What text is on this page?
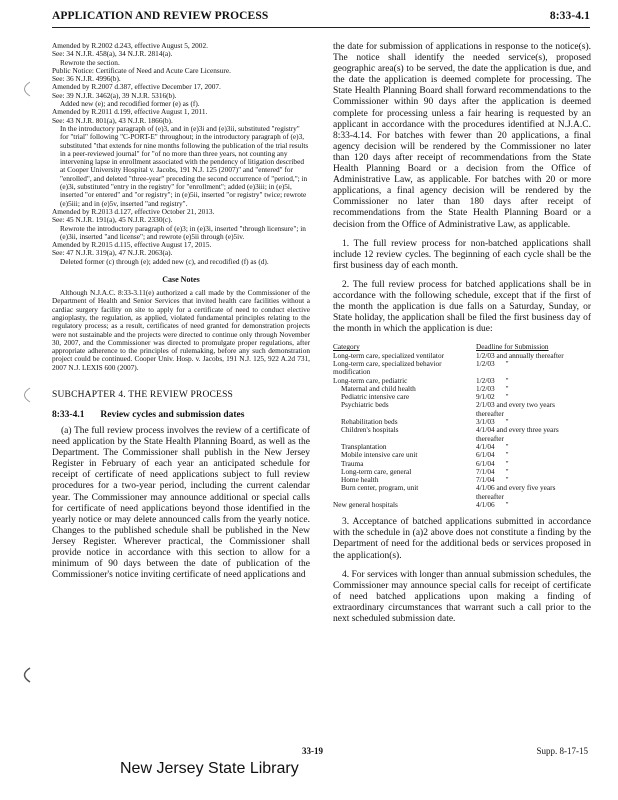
APPLICATION AND REVIEW PROCESS	8:33-4.1

Amended by R.2002 d.243, effective August 5, 2002.

See: 34 N.J.R. 458(a), 34 N.J.R. 2814(a).

Rewrote the section.

Public Notice: Certificate of Need and Acute Care Licensure.

See: 36 N.J.R. 4996(b).

Amended by R.2007 d.387, effective December 17, 2007.

See: 39 N.J.R. 3462(a), 39 N.J.R. 5316(b).

Added new (e); and recodified former (e) as (f).

Amended by R.2011 d.199, effective August 1, 2011.

See: 43 N.J.R. 801(a), 43 N.J.R. 1866(b).

In the introductory paragraph of (e)3, and in (e)3i and (e)3ii, substituted "registry" for "trial" following "C-PORT-E" throughout; in the introductory paragraph of (e)3, substituted "that extends for nine months following the publication of the trial results in a peer-reviewed journal" for "of no more than three years, not counting any intervening lapse in enrollment associated with the pendency of litigation described at Cooper University Hospital v. Jacobs, 191 N.J. 125 (2007)" and "entered" for "enrolled", and deleted "three-year" preceding the second occurrence of "period,"; in (e)3i, substituted "entry in the registry" for "enrollment"; added (e)3iii; in (e)5i, inserted "or entered" and "or registry"; in (e)5ii, inserted "or registry" twice; rewrote (e)5iii; and in (e)5v, inserted "and registry".

Amended by R.2013 d.127, effective October 21, 2013.

See: 45 N.J.R. 191(a), 45 N.J.R. 2330(c).

Rewrote the introductory paragraph of (e)3; in (e)3i, inserted "through licensure"; in (e)3ii, inserted "and license"; and rewrote (e)5ii through (e)5iv.

Amended by R.2015 d.115, effective August 17, 2015.

See: 47 N.J.R. 319(a), 47 N.J.R. 2063(a).

Deleted former (c) through (e); added new (c), and recodified (f) as (d).

Case Notes

Although N.J.A.C. 8:33-3.11(e) authorized a call made by the Commissioner of the Department of Health and Senior Services that invited health care facilities without a cardiac surgery facility on site to apply for a certificate of need to conduct elective angioplasty, the regulation, as applied, violated fundamental principles relating to the regulatory process; as a result, certificates of need granted for demonstration projects were not sustainable and the projects were directed to continue only through November 30, 2007, and the Commissioner was directed to promulgate proper regulations, after appropriate adherence to the principles of rulemaking, before any such demonstration project could be continued. Cooper Univ. Hosp. v. Jacobs, 191 N.J. 125, 922 A.2d 731, 2007 N.J. LEXIS 600 (2007).

SUBCHAPTER 4. THE REVIEW PROCESS
8:33-4.1 Review cycles and submission dates

(a) The full review process involves the review of a certificate of need application by the State Health Planning Board, as well as the Department. The Commissioner shall publish in the New Jersey Register in February of each year an anticipated schedule for receipt of certificate of need applications subject to full review procedures for a two-year period, including the current calendar year. The Commissioner may announce additional or special calls for certificate of need applications beyond those identified in the yearly notice or may delete announced calls from the yearly notice. Changes to the published schedule shall be published in the New Jersey Register. Wherever practical, the Commissioner shall provide notice in accordance with this section to allow for a minimum of 90 days between the date of publication of the Commissioner's notice inviting certificate of need applications and

the date for submission of applications in response to the notice(s). The notice shall identify the needed service(s), proposed geographic area(s) to be served, the date the application is due, and the date the application is deemed complete for processing. The State Health Planning Board shall forward recommendations to the Commissioner within 90 days after the application is deemed complete for processing unless a fair hearing is requested by an applicant in accordance with the procedures identified at N.J.A.C. 8:33-4.14. For batches with fewer than 20 applications, a final agency decision will be rendered by the Commissioner no later than 120 days after receipt of recommendations from the State Health Planning Board or a decision from the Office of Administrative Law, as applicable. For batches with 20 or more applications, a final agency decision will be rendered by the Commissioner no later than 180 days after receipt of recommendations from the State Health Planning Board or a decision from the Office of Administrative Law, as applicable.

1. The full review process for non-batched applications shall include 12 review cycles. The beginning of each cycle shall be the first business day of each month.

2. The full review process for batched applications shall be in accordance with the following schedule, except that if the first of the month the application is due falls on a Saturday, Sunday, or State holiday, the application shall be filed the first business day of the month in which the application is due:

Category	Deadline for Submission
Long-term care, specialized ventilator	1/2/03 and annually thereafter
Long-term care, specialized behavior	1/2/03      "
modification	
Long-term care, pediatric	1/2/03      "
Maternal and child health	1/2/03      "
Pediatric intensive care	9/1/02      "
Psychiatric beds	2/1/03 and every two years
	thereafter
Rehabilitation beds	3/1/03      "
Children's hospitals	4/1/04 and every three years
	thereafter
Transplantation	4/1/04      "
Mobile intensive care unit	6/1/04      "
Trauma	6/1/04      "
Long-term care, general	7/1/04      "
Home health	7/1/04      "
Burn center, program, unit	4/1/06 and every five years
	thereafter
New general hospitals	4/1/06      "

3. Acceptance of batched applications submitted in accordance with the schedule in (a)2 above does not constitute a finding by the Department of need for the additional beds or services proposed in the application(s).

4. For services with longer than annual submission schedules, the Commissioner may announce special calls for receipt of certificate of need batched applications upon making a finding of extraordinary circumstances that warrant such a call prior to the next scheduled submission date.

33-19	Supp. 8-17-15
New Jersey State Library
